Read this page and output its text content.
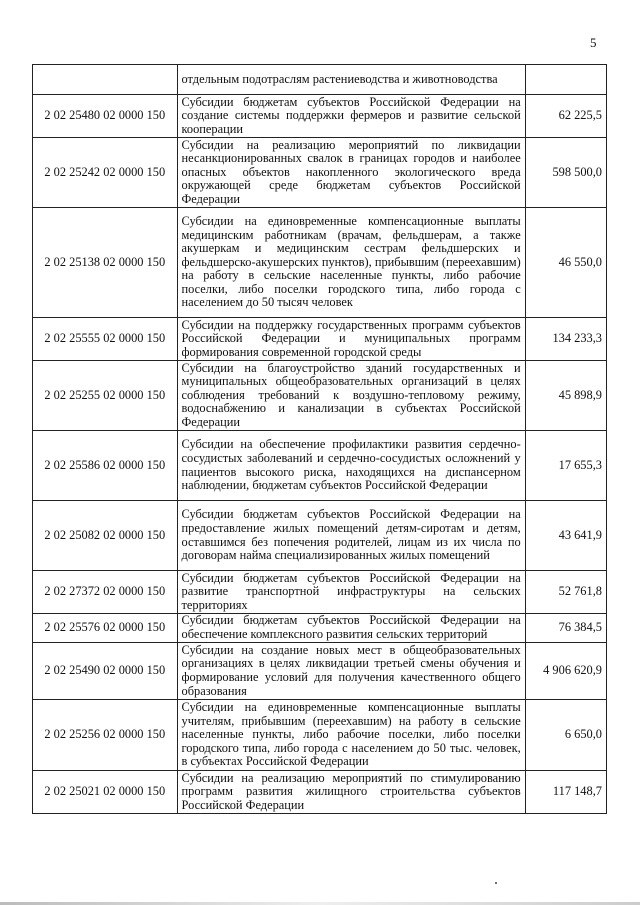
5
	отдельным подотраслям растениеводства и животноводства	
2 02 25480 02 0000 150	Субсидии бюджетам субъектов Российской Федерации на создание системы поддержки фермеров и развитие сельской кооперации	62 225,5
2 02 25242 02 0000 150	Субсидии на реализацию мероприятий по ликвидации несанкционированных свалок в границах городов и наиболее опасных объектов накопленного экологического вреда окружающей среде бюджетам субъектов Российской Федерации	598 500,0
2 02 25138 02 0000 150	Субсидии на единовременные компенсационные выплаты медицинским работникам (врачам, фельдшерам, а также акушеркам и медицинским сестрам фельдшерских и фельдшерско-акушерских пунктов), прибывшим (переехавшим) на работу в сельские населенные пункты, либо рабочие поселки, либо поселки городского типа, либо города с населением до 50 тысяч человек	46 550,0
2 02 25555 02 0000 150	Субсидии на поддержку государственных программ субъектов Российской Федерации и муниципальных программ формирования современной городской среды	134 233,3
2 02 25255 02 0000 150	Субсидии на благоустройство зданий государственных и муниципальных общеобразовательных организаций в целях соблюдения требований к воздушно-тепловому режиму, водоснабжению и канализации в субъектах Российской Федерации	45 898,9
2 02 25586 02 0000 150	Субсидии на обеспечение профилактики развития сердечно-сосудистых заболеваний и сердечно-сосудистых осложнений у пациентов высокого риска, находящихся на диспансерном наблюдении, бюджетам субъектов Российской Федерации	17 655,3
2 02 25082 02 0000 150	Субсидии бюджетам субъектов Российской Федерации на предоставление жилых помещений детям-сиротам и детям, оставшимся без попечения родителей, лицам из их числа по договорам найма специализированных жилых помещений	43 641,9
2 02 27372 02 0000 150	Субсидии бюджетам субъектов Российской Федерации на развитие транспортной инфраструктуры на сельских территориях	52 761,8
2 02 25576 02 0000 150	Субсидии бюджетам субъектов Российской Федерации на обеспечение комплексного развития сельских территорий	76 384,5
2 02 25490 02 0000 150	Субсидии на создание новых мест в общеобразовательных организациях в целях ликвидации третьей смены обучения и формирование условий для получения качественного общего образования	4 906 620,9
2 02 25256 02 0000 150	Субсидии на единовременные компенсационные выплаты учителям, прибывшим (переехавшим) на работу в сельские населенные пункты, либо рабочие поселки, либо поселки городского типа, либо города с населением до 50 тыс. человек, в субъектах Российской Федерации	6 650,0
2 02 25021 02 0000 150	Субсидии на реализацию мероприятий по стимулированию программ развития жилищного строительства субъектов Российской Федерации	117 148,7
